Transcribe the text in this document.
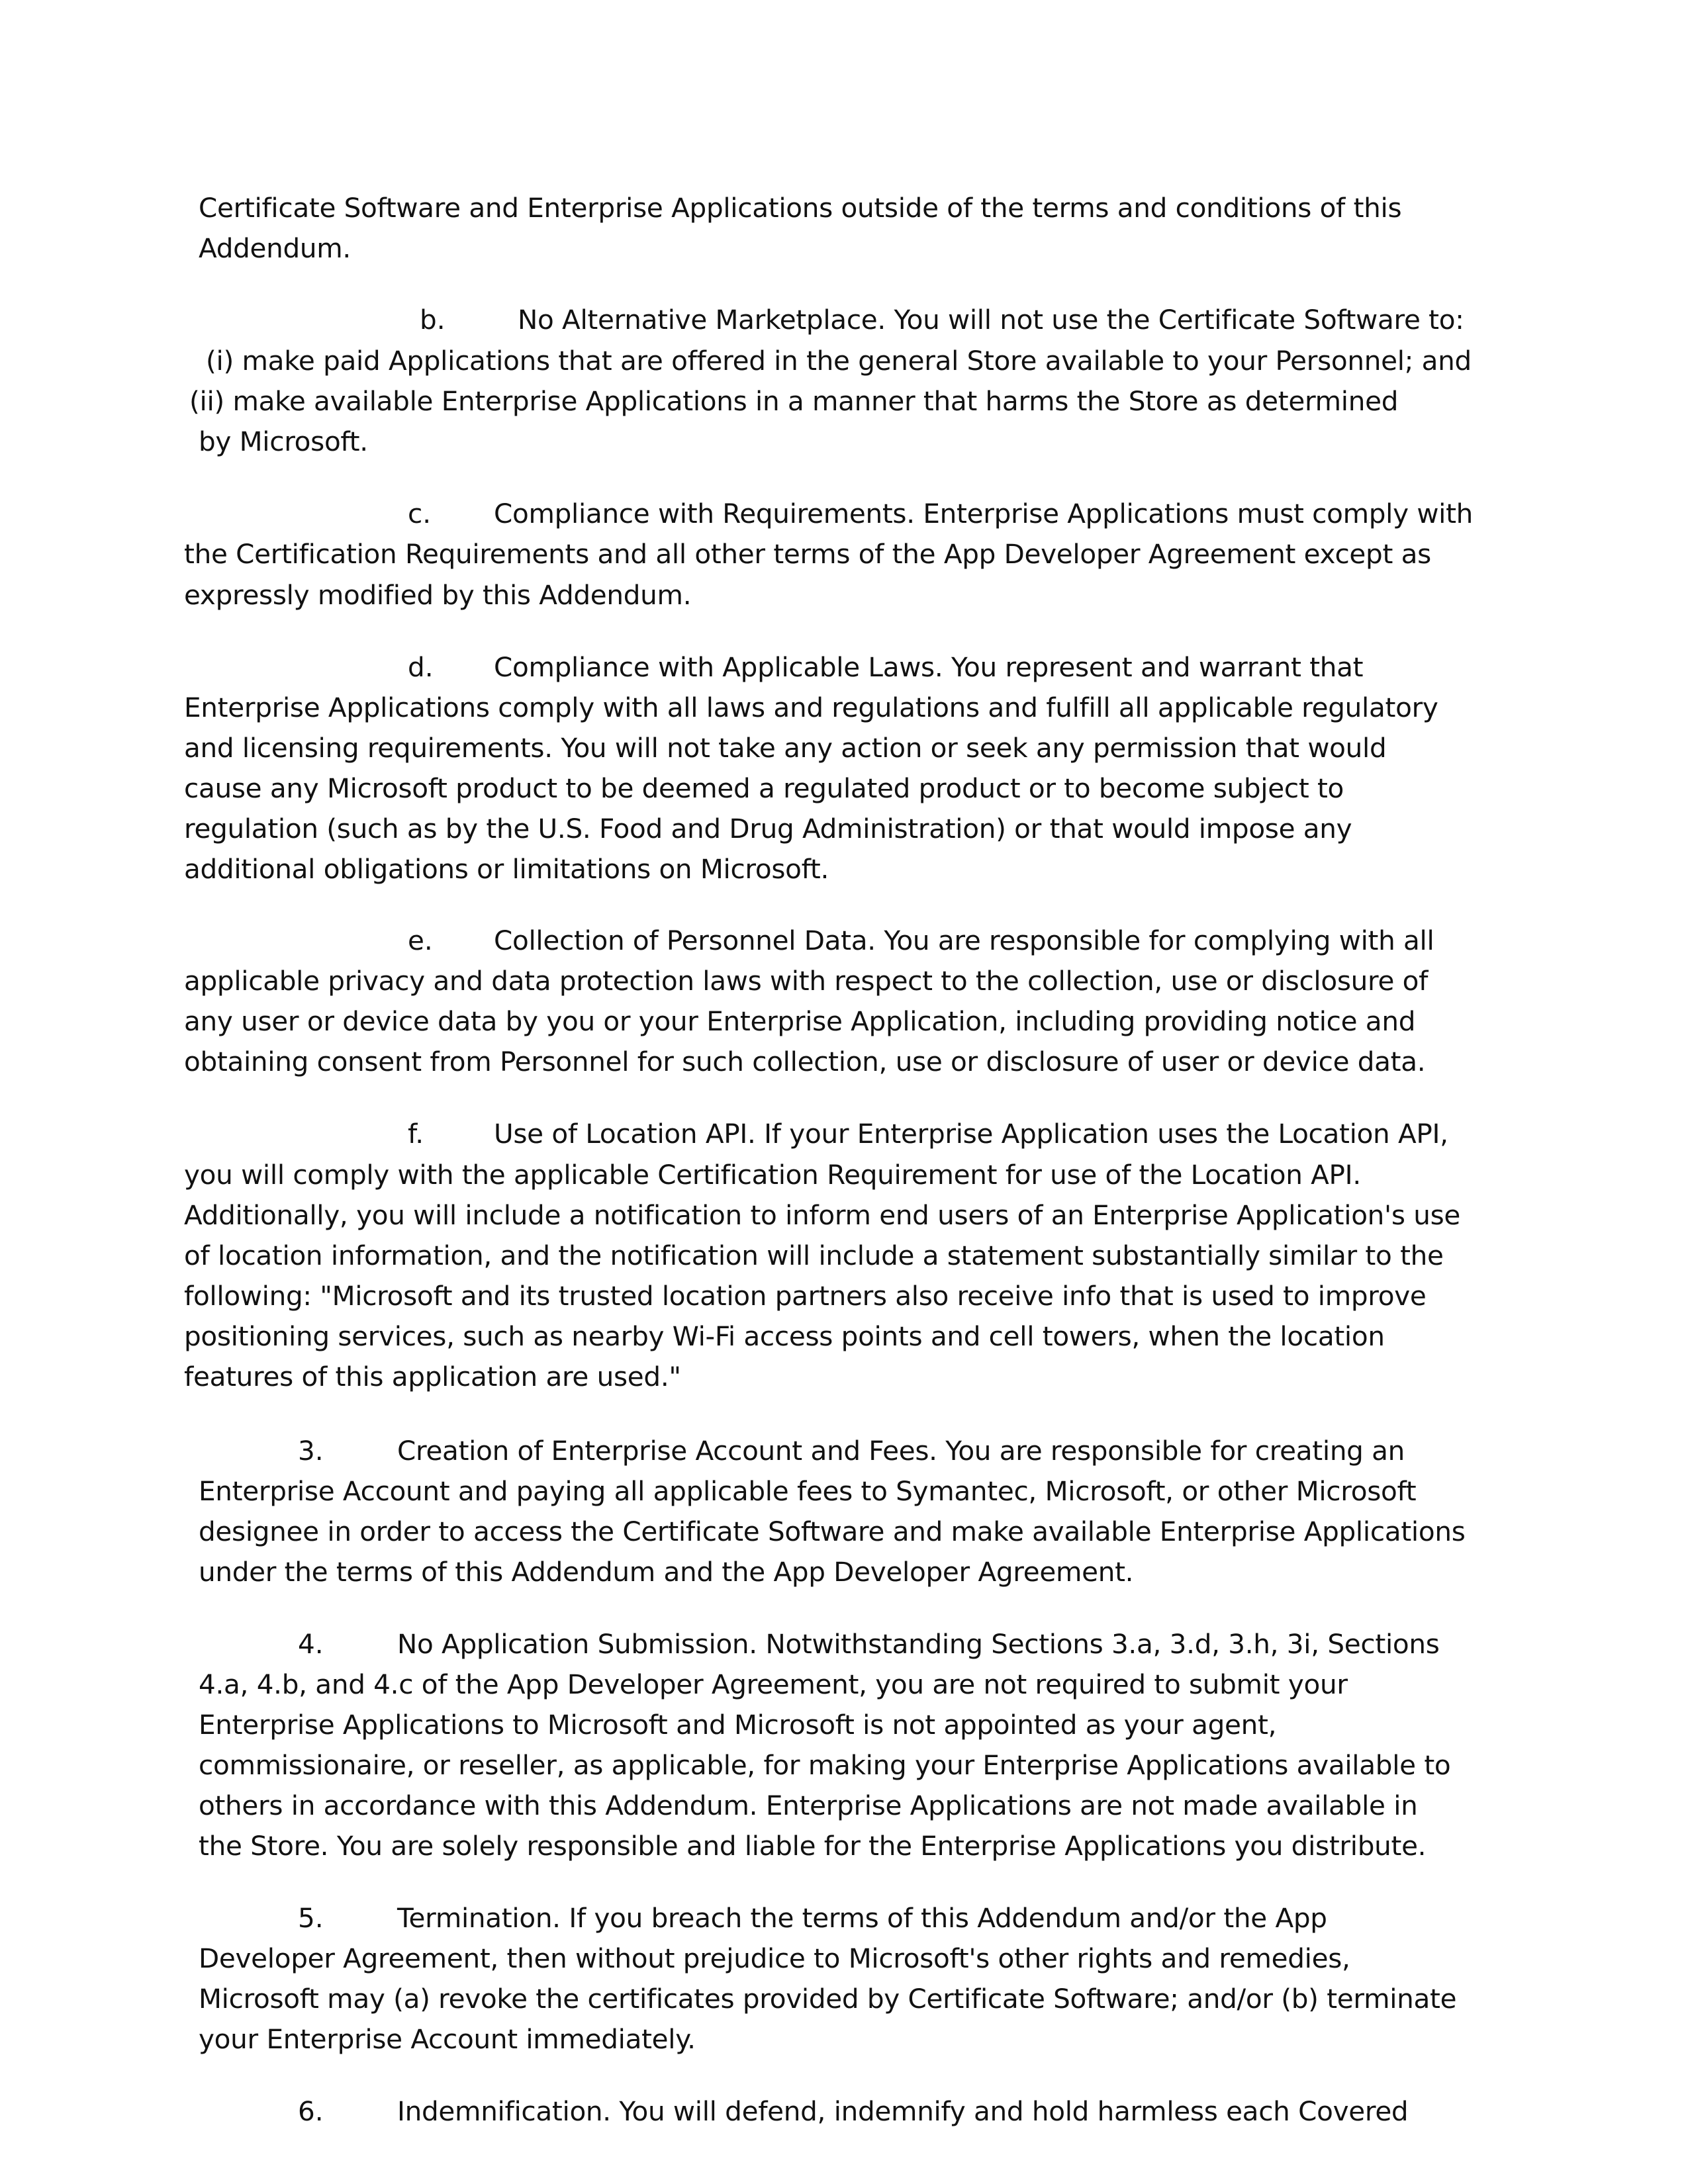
Certificate Software and Enterprise Applications outside of the terms and conditions of this
Addendum.
b.	No Alternative Marketplace. You will not use the Certificate Software to:
(i) make paid Applications that are offered in the general Store available to your Personnel; and
(ii) make available Enterprise Applications in a manner that harms the Store as determined
by Microsoft.
c. Compliance with Requirements. Enterprise Applications must comply with
the Certification Requirements and all other terms of the App Developer Agreement except as
expressly modified by this Addendum.
d. Compliance with Applicable Laws. You represent and warrant that
Enterprise Applications comply with all laws and regulations and fulfill all applicable regulatory
and licensing requirements. You will not take any action or seek any permission that would
cause any Microsoft product to be deemed a regulated product or to become subject to
regulation (such as by the U.S. Food and Drug Administration) or that would impose any
additional obligations or limitations on Microsoft.
e. Collection of Personnel Data. You are responsible for complying with all
applicable privacy and data protection laws with respect to the collection, use or disclosure of
any user or device data by you or your Enterprise Application, including providing notice and
obtaining consent from Personnel for such collection, use or disclosure of user or device data.
f.	Use of Location API. If your Enterprise Application uses the Location API,
you will comply with the applicable Certification Requirement for use of the Location API.
Additionally, you will include a notification to inform end users of an Enterprise Application's use
of location information, and the notification will include a statement substantially similar to the
following: "Microsoft and its trusted location partners also receive info that is used to improve
positioning services, such as nearby Wi-Fi access points and cell towers, when the location
features of this application are used."
3.	Creation of Enterprise Account and Fees. You are responsible for creating an
Enterprise Account and paying all applicable fees to Symantec, Microsoft, or other Microsoft
designee in order to access the Certificate Software and make available Enterprise Applications
under the terms of this Addendum and the App Developer Agreement.
4.	No Application Submission. Notwithstanding Sections 3.a, 3.d, 3.h, 3i, Sections
4.a, 4.b, and 4.c of the App Developer Agreement, you are not required to submit your
Enterprise Applications to Microsoft and Microsoft is not appointed as your agent,
commissionaire, or reseller, as applicable, for making your Enterprise Applications available to
others in accordance with this Addendum. Enterprise Applications are not made available in
the Store. You are solely responsible and liable for the Enterprise Applications you distribute.
5.	Termination. If you breach the terms of this Addendum and/or the App
Developer Agreement, then without prejudice to Microsoft's other rights and remedies,
Microsoft may (a) revoke the certificates provided by Certificate Software; and/or (b) terminate
your Enterprise Account immediately.
6.	Indemnification. You will defend, indemnify and hold harmless each Covered
